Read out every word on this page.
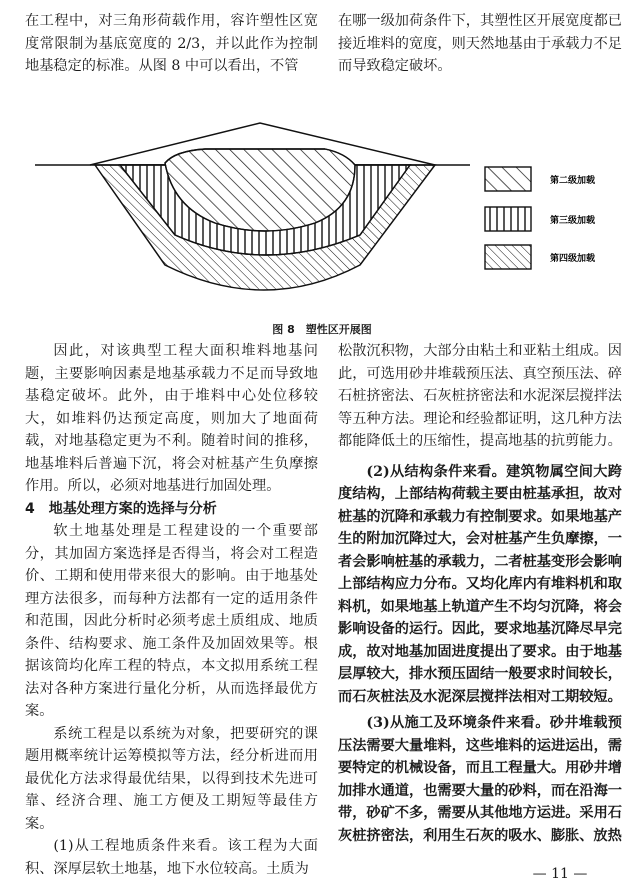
在工程中，对三角形荷载作用，容许塑性区宽度常限制为基底宽度的 2/3，并以此作为控制地基稳定的标准。从图 8 中可以看出，不管

在哪一级加荷条件下，其塑性区开展宽度都已接近堆料的宽度，则天然地基由于承载力不足而导致稳定破坏。

第二级加载
第三级加载
第四级加载
图 8　塑性区开展图

因此，对该典型工程大面积堆料地基问题，主要影响因素是地基承载力不足而导致地基稳定破坏。此外，由于堆料中心处位移较大，如堆料仍达预定高度，则加大了地面荷载，对地基稳定更为不利。随着时间的推移，地基堆料后普遍下沉，将会对桩基产生负摩擦作用。所以，必须对地基进行加固处理。

4　地基处理方案的选择与分析

软土地基处理是工程建设的一个重要部分，其加固方案选择是否得当，将会对工程造价、工期和使用带来很大的影响。由于地基处理方法很多，而每种方法都有一定的适用条件和范围，因此分析时必须考虑土质组成、地质条件、结构要求、施工条件及加固效果等。根据该筒均化库工程的特点，本文拟用系统工程法对各种方案进行量化分析，从而选择最优方案。

系统工程是以系统为对象，把要研究的课题用概率统计运筹模拟等方法，经分析进而用最优化方法求得最优结果，以得到技术先进可靠、经济合理、施工方便及工期短等最佳方案。

(1)从工程地质条件来看。该工程为大面积、深厚层软土地基，地下水位较高。土质为

松散沉积物，大部分由粘土和亚粘土组成。因此，可选用砂井堆载预压法、真空预压法、碎石桩挤密法、石灰桩挤密法和水泥深层搅拌法等五种方法。理论和经验都证明，这几种方法都能降低土的压缩性，提高地基的抗剪能力。

(2)从结构条件来看。建筑物属空间大跨度结构，上部结构荷载主要由桩基承担，故对桩基的沉降和承载力有控制要求。如果地基产生的附加沉降过大，会对桩基产生负摩擦，一者会影响桩基的承载力，二者桩基变形会影响上部结构应力分布。又均化库内有堆料机和取料机，如果地基上轨道产生不均匀沉降，将会影响设备的运行。因此，要求地基沉降尽早完成，故对地基加固进度提出了要求。由于地基层厚较大，排水预压固结一般要求时间较长，而石灰桩法及水泥深层搅拌法相对工期较短。

(3)从施工及环境条件来看。砂井堆载预压法需要大量堆料，这些堆料的运进运出，需要特定的机械设备，而且工程量大。用砂井增加排水通道，也需要大量的砂料，而在沿海一带，砂矿不多，需要从其他地方运进。采用石灰桩挤密法，利用生石灰的吸水、膨胀、放热

— 11 —
